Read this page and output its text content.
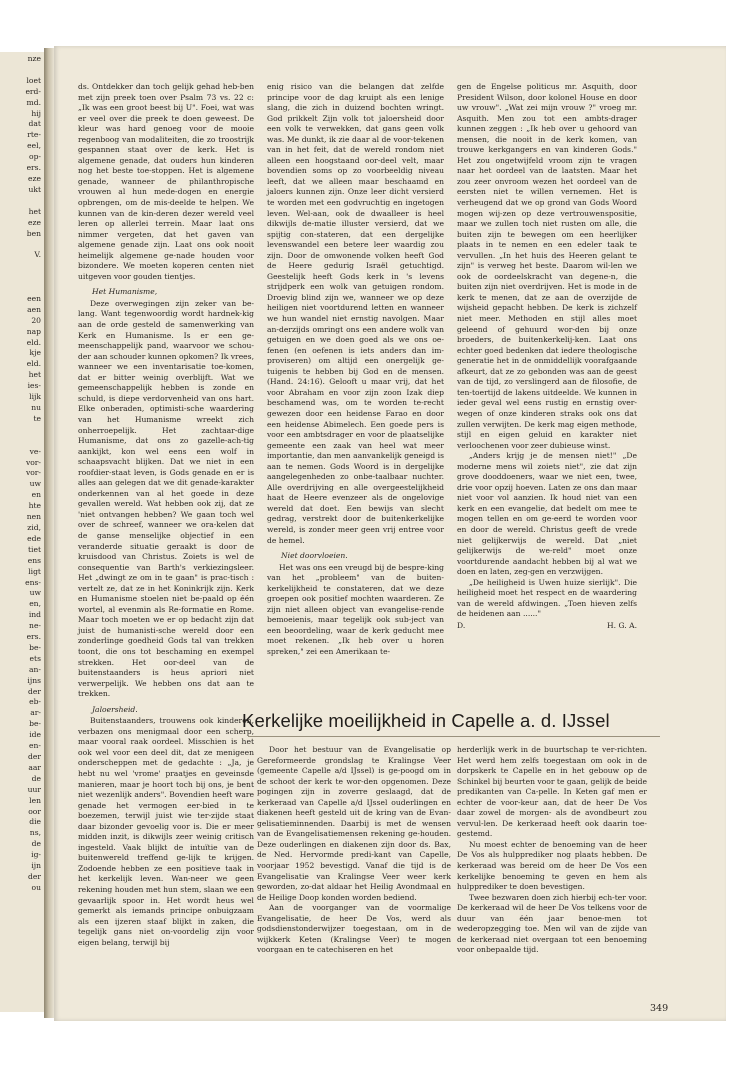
nze

loet
erd-
md.
hij
dat
rte-
eel,
op-
ers.
eze
ukt

het
eze
ben

V.

een
aen
20
nap
eld.
kje
eld.
het
ies-
lijk
nu
te

ve-
vor-
vor-
uw
en
hte
nen
zid,
ede
tiet
ens
ligt
ens-
uw
en,
ind
ne-
ers.
be-
ets
an-
ijns
der
eb-
ar-
be-
ide
en-
der
aar
de
uur
len
oor
die
ns,
de
ig-
ijn
der
ou

ds. Ontdekker dan toch gelijk gehad heb-ben met zijn preek toen over Psalm 73 vs. 22 c: „Ik was een groot beest bij U". Foei, wat was er veel over die preek te doen geweest. De kleur was hard genoeg voor de mooie regenboog van modaliteiten, die zo troostrijk gespannen staat over de kerk. Het is algemene genade, dat ouders hun kinderen nog het beste toe-stoppen. Het is algemene genade, wanneer de philanthropische vrouwen al hun mede-dogen en energie opbrengen, om de mis-deelde te helpen. We kunnen van de kin-deren dezer wereld veel leren op allerlei terrein. Maar laat ons nimmer vergeten, dat het gaven van algemene genade zijn. Laat ons ook nooit heimelijk algemene ge-nade houden voor bizondere. We moeten koperen centen niet uitgeven voor gouden tientjes.

Het Humanisme,

Deze overwegingen zijn zeker van be-lang. Want tegenwoordig wordt hardnek-kig aan de orde gesteld de samenwerking van Kerk en Humanisme. Is er een ge-meenschappelijk pand, waarvoor we schou-der aan schouder kunnen opkomen? Ik vrees, wanneer we een inventarisatie toe-komen, dat er bitter weinig overblijft. Wat we gemeenschappelijk hebben is zonde en schuld, is diepe verdorvenheid van ons hart. Elke onberaden, optimisti-sche waardering van het Humanisme wreekt zich onherroepelijk. Het zachtaar-dige Humanisme, dat ons zo gazelle-ach-tig aankijkt, kon wel eens een wolf in schaapsvacht blijken. Dat we niet in een roofdier-staat leven, is Gods genade en er is alles aan gelegen dat we dit genade-karakter onderkennen van al het goede in deze gevallen wereld. Wat hebben ook zij, dat ze 'niet ontvangen hebben? We gaan toch wel over de schreef, wanneer we ora-kelen dat de ganse menselijke objectief in een veranderde situatie geraakt is door de kruisdood van Christus. Zoiets is wel de consequentie van Barth's verkiezingsleer. Het „dwingt ze om in te gaan" is prac-tisch : vertelt ze, dat ze in het Koninkrijk zijn. Kerk en Humanisme stoelen niet be-paald op één wortel, al evenmin als Re-formatie en Rome. Maar toch moeten we er op bedacht zijn dat juist de humanisti-sche wereld door een zonderlinge goedheid Gods tal van trekken toont, die ons tot beschaming en exempel strekken. Het oor-deel van de buitenstaanders is heus apriori niet verwerpelijk. We hebben ons dat aan te trekken.

Jaloersheid.

Buitenstaanders, trouwens ook kinderen, verbazen ons menigmaal door een scherp, maar vooral raak oordeel. Misschien is het ook wel voor een deel dit, dat ze menigeen onderscheppen met de gedachte : „Ja, je hebt nu wel 'vrome' praatjes en geveinsde manieren, maar je hoort toch bij ons, je bent niet wezenlijk anders". Bovendien heeft ware genade het vermogen eer-bied in te boezemen, terwijl juist wie ter-zijde staat daar bizonder gevoelig voor is. Die er meer midden inzit, is dikwijls zeer weinig critisch ingesteld. Vaak blijkt de intuïtie van de buitenwereld treffend ge-lijk te krijgen. Zodoende hebben ze een positieve taak in het kerkelijk leven. Wan-neer we geen rekening houden met hun stem, slaan we een gevaarlijk spoor in. Het wordt heus wel gemerkt als iemands principe onbuigzaam als een ijzeren staaf blijkt in zaken, die tegelijk gans niet on-voordelig zijn voor eigen belang, terwijl bij

enig risico van die belangen dat zelfde principe voor de dag kruipt als een lenige slang, die zich in duizend bochten wringt. God prikkelt Zijn volk tot jaloersheid door een volk te verwekken, dat gans geen volk was. Me dunkt, ik zie daar al de voor-tekenen van in het feit, dat de wereld rondom niet alleen een hoogstaand oor-deel velt, maar bovendien soms op zo voorbeeldig niveau leeft, dat we alleen maar beschaamd en jaloers kunnen zijn. Onze leer dicht versierd te worden met een godvruchtig en ingetogen leven. Wel-aan, ook de dwaalleer is heel dikwijls de-matie illuster versierd, dat we spijtig con-stateren, dat een dergelijke levenswandel een betere leer waardig zou zijn. Door de omwonende volken heeft God de Heere gedurig Israël getuchtigd. Geestelijk heeft Gods kerk in 's levens strijdperk een wolk van getuigen rondom. Droevig blind zijn we, wanneer we op deze heiligen niet voortdurend letten en wanneer we hun wandel niet ernstig navolgen. Maar an-derzijds omringt ons een andere wolk van getuigen en we doen goed als we ons oe-fenen (en oefenen is iets anders dan im-proviseren) om altijd een onergelijk ge-tuigenis te hebben bij God en de mensen. (Hand. 24:16). Gelooft u maar vrij, dat het voor Abraham en voor zijn zoon Izak diep beschamend was, om te worden te-recht gewezen door een heidense Farao en door een heidense Abimelech. Een goede pers is voor een ambtsdrager en voor de plaatselijke gemeente een zaak van heel wat meer importantie, dan men aanvankelijk geneigd is aan te nemen. Gods Woord is in dergelijke aangelegenheden zo onbe-taalbaar nuchter. Alle overdrijving en alle overgeestelijkheid haat de Heere evenzeer als de ongelovige wereld dat doet. Een bewijs van slecht gedrag, verstrekt door de buitenkerkelijke wereld, is zonder meer geen vrij entree voor de hemel.

Niet doorvloeien.

Het was ons een vreugd bij de bespre-king van het „probleem" van de buiten-kerkelijkheid te constateren, dat we deze groepen ook positief mochten waarderen. Ze zijn niet alleen object van evangelise-rende bemoeienis, maar tegelijk ook sub-ject van een beoordeling, waar de kerk geducht mee moet rekenen. „Ik heb over u horen spreken," zei een Amerikaan te-

gen de Engelse politicus mr. Asquith, door President Wilson, door kolonel House en door uw vrouw". „Wat zei mijn vrouw ?" vroeg mr. Asquith. Men zou tot een ambts-drager kunnen zeggen : „Ik heb over u gehoord van mensen, die nooit in de kerk komen, van trouwe kerkgangers en van kinderen Gods." Het zou ongetwijfeld vroom zijn te vragen naar het oordeel van de laatsten. Maar het zou zeer onvroom wezen het oordeel van de eersten niet te willen vernemen. Het is verheugend dat we op grond van Gods Woord mogen wij-zen op deze vertrouwenspositie, maar we zullen toch niet rusten om alle, die buiten zijn te bewegen om een heerlijker plaats in te nemen en een edeler taak te vervullen. „In het huis des Heeren gelant te zijn" is verweg het beste. Daarom wil-len we ook de oordeelskracht van degene-n, die buiten zijn niet overdrijven. Het is mode in de kerk te menen, dat ze aan de overzijde de wijsheid gepacht hebben. De kerk is zichzelf niet meer. Methoden en stijl alles moet geleend of gehuurd wor-den bij onze broeders, de buitenkerkelij-ken. Laat ons echter goed bedenken dat iedere theologische generatie het in de onmiddellijk voorafgaande afkeurt, dat ze zo gebonden was aan de geest van de tijd, zo verslingerd aan de filosofie, de ten-toertijd de lakens uitdeelde. We kunnen in ieder geval wel eens rustig en ernstig over-wegen of onze kinderen straks ook ons dat zullen verwijten. De kerk mag eigen methode, stijl en eigen geluid en karakter niet verloochenen voor zeer dubieuse winst.

„Anders krijg je de mensen niet!" „De moderne mens wil zoiets niet", zie dat zijn grove dooddoeners, waar we niet een, twee, drie voor opzij hoeven. Laten ze ons dan maar niet voor vol aanzien. Ik houd niet van een kerk en een evangelie, dat bedelt om mee te mogen tellen en om ge-eerd te worden voor en door de wereld. Christus geeft de vrede niet gelijkerwijs de wereld. Dat „niet gelijkerwijs de we-reld" moet onze voortdurende aandacht hebben bij al wat we doen en laten, zeg-gen en verzwijgen.

„De heiligheid is Uwen huize sierlijk". Die heiligheid moet het respect en de waardering van de wereld afdwingen. „Toen hieven zelfs de heidenen aan ......"

D.	H. G. A.
Kerkelijke moeilijkheid in Capelle a. d. IJssel

Door het bestuur van de Evangelisatie op Gereformeerde grondslag te Kralingse Veer (gemeente Capelle a/d IJssel) is ge-poogd om in de schoot der kerk te wor-den opgenomen. Deze pogingen zijn in zoverre geslaagd, dat de kerkeraad van Capelle a/d IJssel ouderlingen en diakenen heeft gesteld uit de kring van de Evan-gelisatieminnenden. Daarbij is met de wensen van de Evangelisatiemensen rekening ge-houden. Deze ouderlingen en diakenen zijn door ds. Bax, de Ned. Hervormde predi-kant van Capelle, voorjaar 1952 bevestigd. Vanaf die tijd is de Evangelisatie van Kralingse Veer weer kerk geworden, zo-dat aldaar het Heilig Avondmaal en de Heilige Doop konden worden bediend.

Aan de voorganger van de voormalige Evangelisatie, de heer De Vos, werd als godsdienstonderwijzer toegestaan, om in de wijkkerk Keten (Kralingse Veer) te mogen voorgaan en te catechiseren en het

herderlijk werk in de buurtschap te ver-richten. Het werd hem zelfs toegestaan om ook in de dorpskerk te Capelle en in het gebouw op de Schinkel bij beurten voor te gaan, gelijk de beide predikanten van Ca-pelle. In Keten gaf men er echter de voor-keur aan, dat de heer De Vos daar zowel de morgen- als de avondbeurt zou vervul-len. De kerkeraad heeft ook daarin toe-gestemd.

Nu moest echter de benoeming van de heer De Vos als hulpprediker nog plaats hebben. De kerkeraad was bereid om de heer De Vos een kerkelijke benoeming te geven en hem als hulpprediker te doen bevestigen.

Twee bezwaren doen zich hierbij ech-ter voor. De kerkeraad wil de heer De Vos telkens voor de duur van één jaar benoe-men tot wederopzegging toe. Men wil van de zijde van de kerkeraad niet overgaan tot een benoeming voor onbepaalde tijd.

349
